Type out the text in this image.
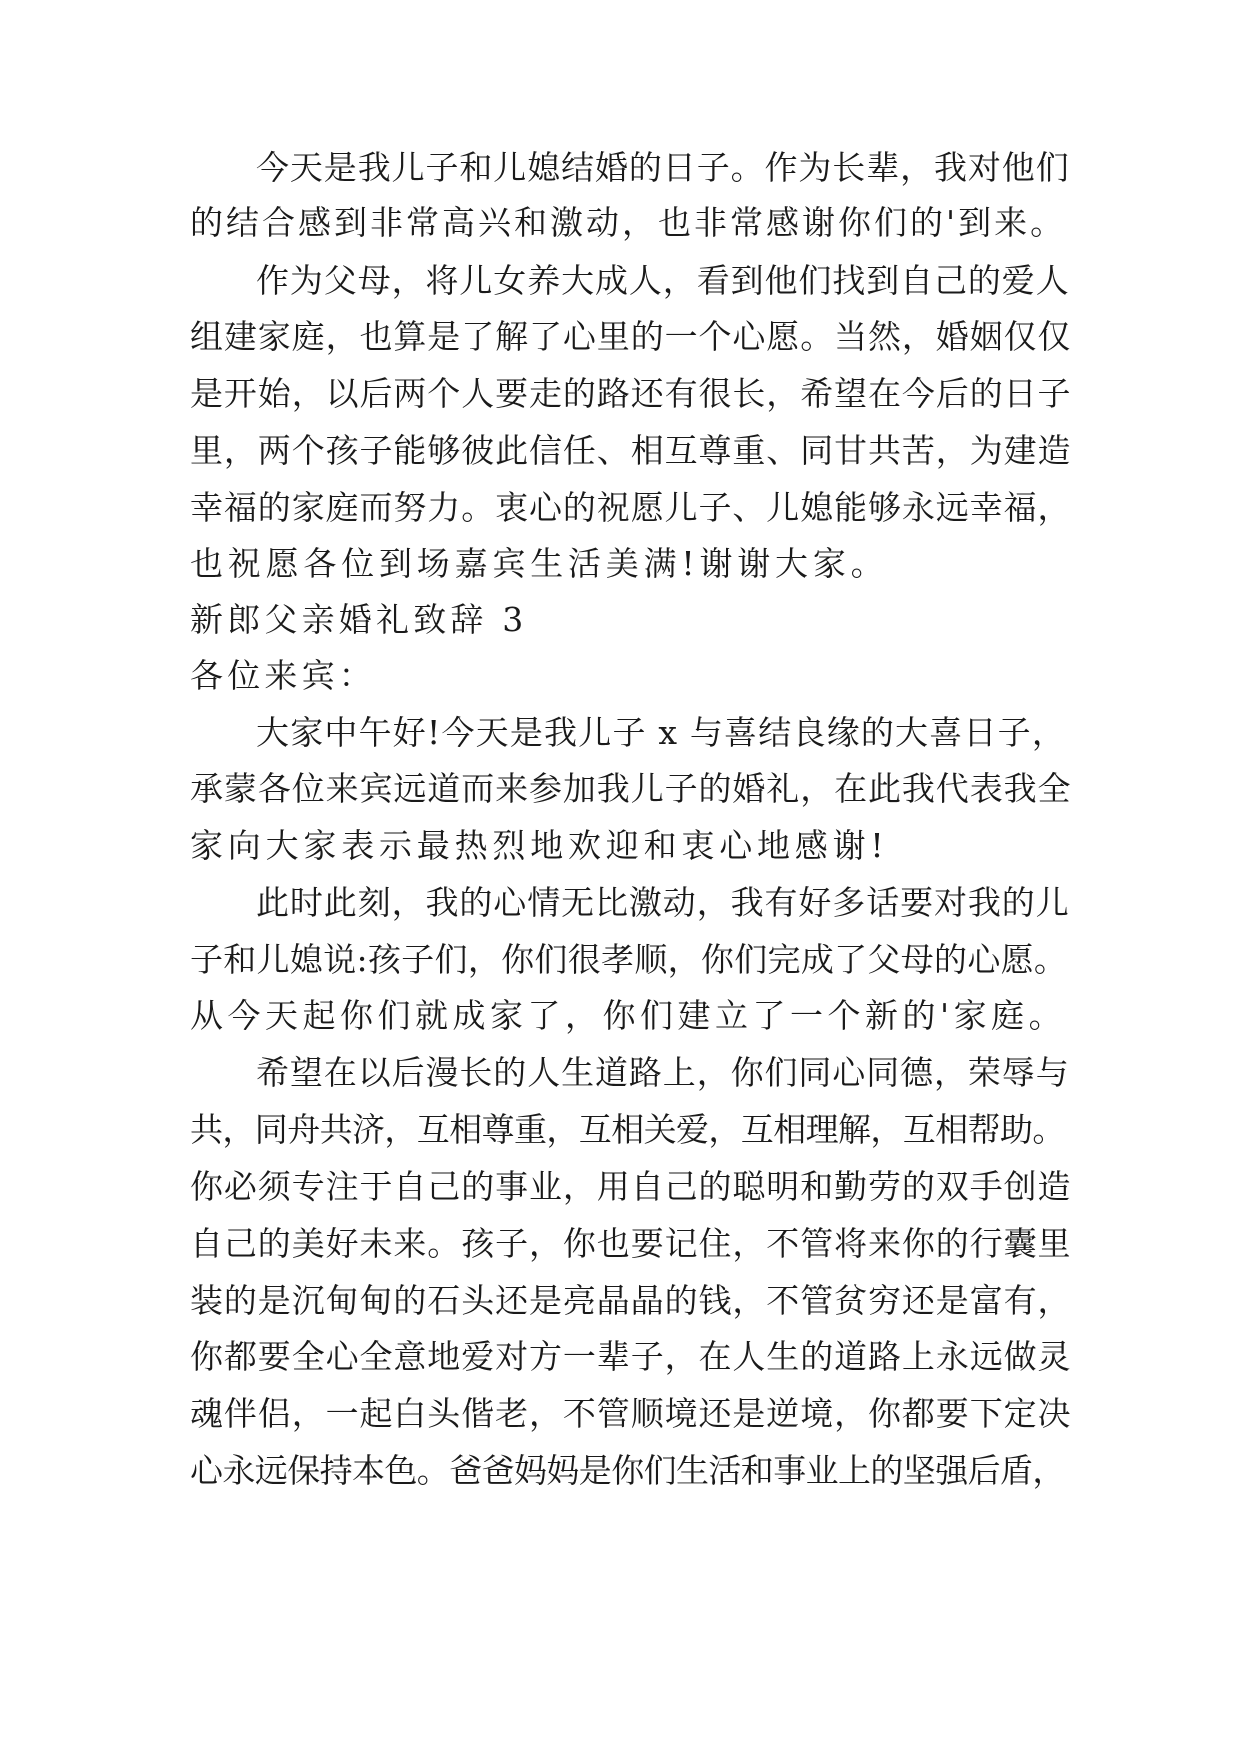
今天是我儿子和儿媳结婚的日子。作为长辈，我对他们
的结合感到非常高兴和激动，也非常感谢你们的'到来。
作为父母，将儿女养大成人，看到他们找到自己的爱人
组建家庭，也算是了解了心里的一个心愿。当然，婚姻仅仅
是开始，以后两个人要走的路还有很长，希望在今后的日子
里，两个孩子能够彼此信任、相互尊重、同甘共苦，为建造
幸福的家庭而努力。衷心的祝愿儿子、儿媳能够永远幸福，
也祝愿各位到场嘉宾生活美满!谢谢大家。
新郎父亲婚礼致辞 3
各位来宾：
大家中午好!今天是我儿子 x 与喜结良缘的大喜日子，
承蒙各位来宾远道而来参加我儿子的婚礼，在此我代表我全
家向大家表示最热烈地欢迎和衷心地感谢!
此时此刻，我的心情无比激动，我有好多话要对我的儿
子和儿媳说:孩子们，你们很孝顺，你们完成了父母的心愿。
从今天起你们就成家了，你们建立了一个新的'家庭。
希望在以后漫长的人生道路上，你们同心同德，荣辱与
共，同舟共济，互相尊重，互相关爱，互相理解，互相帮助。
你必须专注于自己的事业，用自己的聪明和勤劳的双手创造
自己的美好未来。孩子，你也要记住，不管将来你的行囊里
装的是沉甸甸的石头还是亮晶晶的钱，不管贫穷还是富有，
你都要全心全意地爱对方一辈子，在人生的道路上永远做灵
魂伴侣，一起白头偕老，不管顺境还是逆境，你都要下定决
心永远保持本色。爸爸妈妈是你们生活和事业上的坚强后盾，
